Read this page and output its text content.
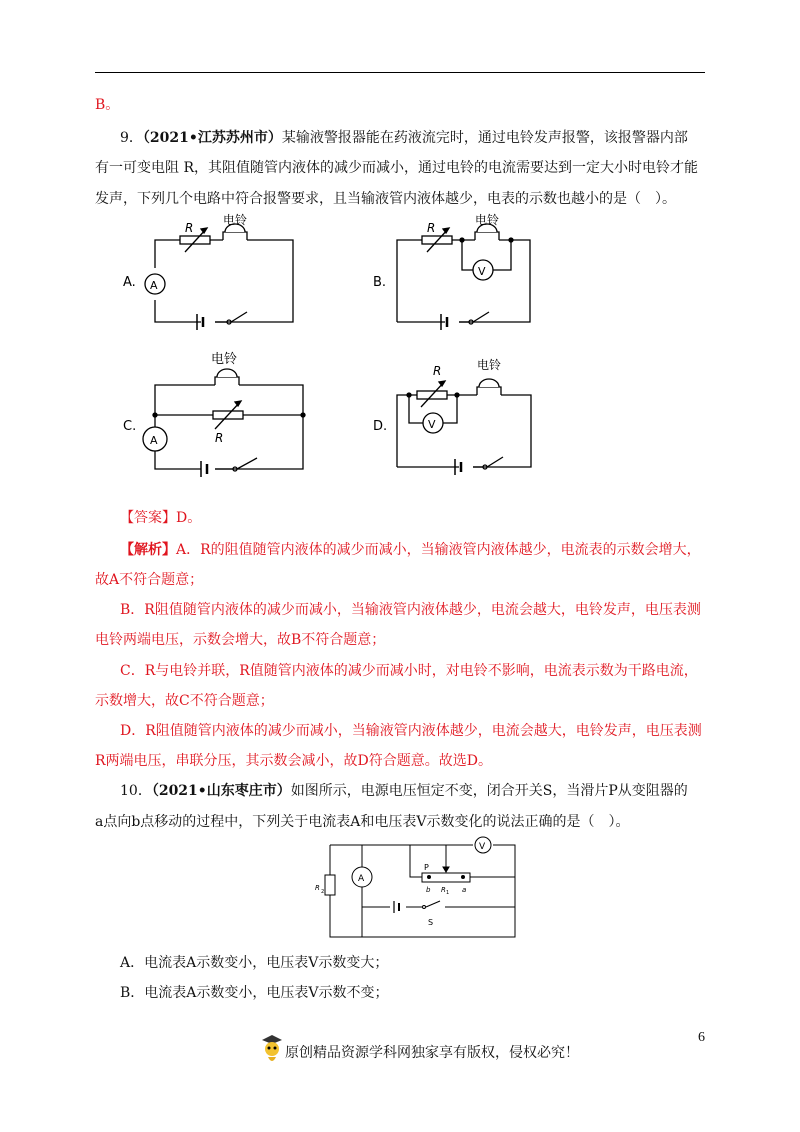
B。
9．（2021•江苏苏州市）某输液警报器能在药液流完时，通过电铃发声报警，该报警器内部
有一可变电阻 R，其阻值随管内液体的减少而减小，通过电铃的电流需要达到一定大小时电铃才能
发声，下列几个电路中符合报警要求，且当输液管内液体越少，电表的示数也越小的是（　）。
A.
R
电铃
A	B.
R
电铃
V
C.
电铃
R
A
D.
R	电铃
V
【答案】D。
【解析】A．R的阻值随管内液体的减少而减小，当输液管内液体越少，电流表的示数会增大，
故A不符合题意；
B．R阻值随管内液体的减少而减小，当输液管内液体越少，电流会越大，电铃发声，电压表测
电铃两端电压，示数会增大，故B不符合题意；
C．R与电铃并联，R值随管内液体的减少而减小时，对电铃不影响，电流表示数为干路电流，
示数增大，故C不符合题意；
D．R阻值随管内液体的减少而减小，当输液管内液体越少，电流会越大，电铃发声，电压表测
R两端电压，串联分压，其示数会减小，故D符合题意。故选D。
10．（2021•山东枣庄市）如图所示，电源电压恒定不变，闭合开关S，当滑片P从变阻器的
a点向b点移动的过程中，下列关于电流表A和电压表V示数变化的说法正确的是（　）。
R 2
V
A
S
P
b R 1 a
A．电流表A示数变小，电压表V示数变大；
B．电流表A示数变小，电压表V示数不变；
6
原创精品资源学科网独家享有版权，侵权必究！
